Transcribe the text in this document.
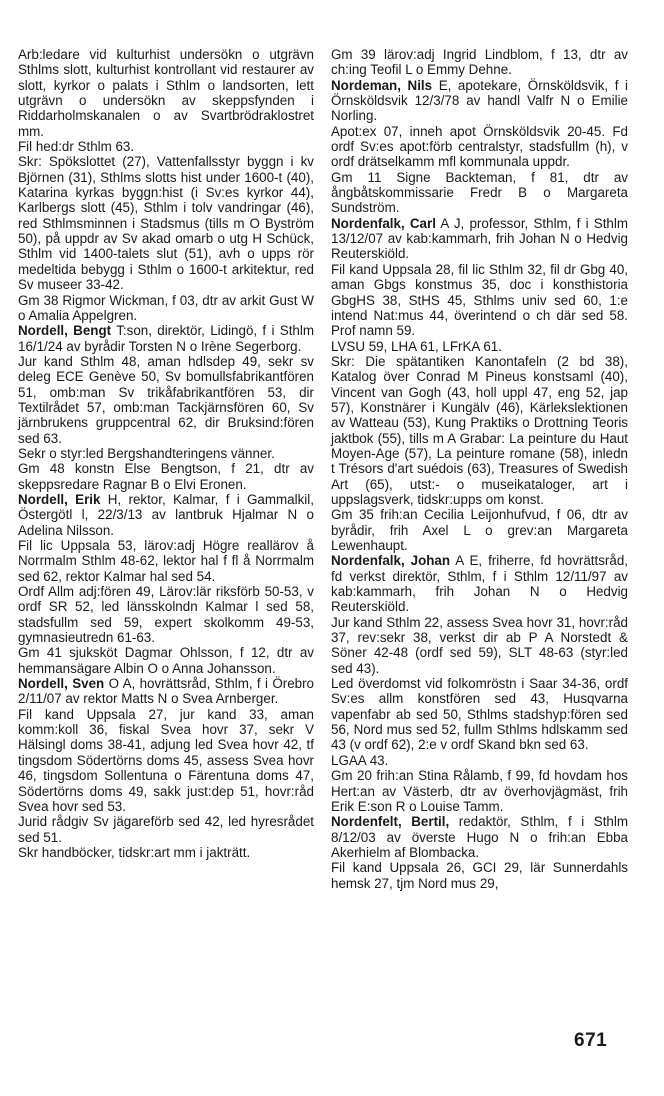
Arb:ledare vid kulturhist undersökn o utgrävn Sthlms slott, kulturhist kontrollant vid restaurer av slott, kyrkor o palats i Sthlm o landsorten, lett utgrävn o undersökn av skeppsfynden i Riddarholmskanalen o av Svartbrödraklostret mm.

Fil hed:dr Sthlm 63.

Skr: Spökslottet (27), Vattenfallsstyr byggn i kv Björnen (31), Sthlms slotts hist under 1600-t (40), Katarina kyrkas byggn:hist (i Sv:es kyrkor 44), Karlbergs slott (45), Sthlm i tolv vandringar (46), red Sthlmsminnen i Stadsmus (tills m O Byström 50), på uppdr av Sv akad omarb o utg H Schück, Sthlm vid 1400-talets slut (51), avh o upps rör medeltida bebygg i Sthlm o 1600-t arkitektur, red Sv museer 33-42.

Gm 38 Rigmor Wickman, f 03, dtr av arkit Gust W o Amalia Appelgren.

Nordell, Bengt T:son, direktör, Lidingö, f i Sthlm 16/1/24 av byrådir Torsten N o Irène Segerborg.

Jur kand Sthlm 48, aman hdlsdep 49, sekr sv deleg ECE Genève 50, Sv bomullsfabrikantfören 51, omb:man Sv trikåfabrikantfören 53, dir Textilrådet 57, omb:man Tackjärnsfören 60, Sv järnbrukens gruppcentral 62, dir Bruksind:fören sed 63.

Sekr o styr:led Bergshandteringens vänner.

Gm 48 konstn Else Bengtson, f 21, dtr av skeppsredare Ragnar B o Elvi Eronen.

Nordell, Erik H, rektor, Kalmar, f i Gammalkil, Östergötl l, 22/3/13 av lantbruk Hjalmar N o Adelina Nilsson.

Fil lic Uppsala 53, lärov:adj Högre reallärov å Norrmalm Sthlm 48-62, lektor hal f fl å Norrmalm sed 62, rektor Kalmar hal sed 54.

Ordf Allm adj:fören 49, Lärov:lär riksförb 50-53, v ordf SR 52, led länsskolndn Kalmar l sed 58, stadsfullm sed 59, expert skolkomm 49-53, gymnasieutredn 61-63.

Gm 41 sjuksköt Dagmar Ohlsson, f 12, dtr av hemmansägare Albin O o Anna Johansson.

Nordell, Sven O A, hovrättsråd, Sthlm, f i Örebro 2/11/07 av rektor Matts N o Svea Arnberger.

Fil kand Uppsala 27, jur kand 33, aman komm:koll 36, fiskal Svea hovr 37, sekr V Hälsingl doms 38-41, adjung led Svea hovr 42, tf tingsdom Södertörns doms 45, assess Svea hovr 46, tingsdom Sollentuna o Färentuna doms 47, Södertörns doms 49, sakk just:dep 51, hovr:råd Svea hovr sed 53.

Jurid rådgiv Sv jägareförb sed 42, led hyresrådet sed 51.

Skr handböcker, tidskr:art mm i jakträtt.

Gm 39 lärov:adj Ingrid Lindblom, f 13, dtr av ch:ing Teofil L o Emmy Dehne.

Nordeman, Nils E, apotekare, Örnsköldsvik, f i Örnsköldsvik 12/3/78 av handl Valfr N o Emilie Norling.

Apot:ex 07, inneh apot Örnsköldsvik 20-45. Fd ordf Sv:es apot:förb centralstyr, stadsfullm (h), v ordf drätselkamm mfl kommunala uppdr.

Gm 11 Signe Backteman, f 81, dtr av ångbåtskommissarie Fredr B o Margareta Sundström.

Nordenfalk, Carl A J, professor, Sthlm, f i Sthlm 13/12/07 av kab:kammarh, frih Johan N o Hedvig Reuterskiöld.

Fil kand Uppsala 28, fil lic Sthlm 32, fil dr Gbg 40, aman Gbgs konstmus 35, doc i konsthistoria GbgHS 38, StHS 45, Sthlms univ sed 60, 1:e intend Nat:mus 44, överintend o ch där sed 58. Prof namn 59.

LVSU 59, LHA 61, LFrKA 61.

Skr: Die spätantiken Kanontafeln (2 bd 38), Katalog över Conrad M Pineus konstsaml (40), Vincent van Gogh (43, holl uppl 47, eng 52, jap 57), Konstnärer i Kungälv (46), Kärlekslektionen av Watteau (53), Kung Praktiks o Drottning Teoris jaktbok (55), tills m A Grabar: La peinture du Haut Moyen-Age (57), La peinture romane (58), inledn t Trésors d'art suédois (63), Treasures of Swedish Art (65), utst:- o museikataloger, art i uppslagsverk, tidskr:upps om konst.

Gm 35 frih:an Cecilia Leijonhufvud, f 06, dtr av byrådir, frih Axel L o grev:an Margareta Lewenhaupt.

Nordenfalk, Johan A E, friherre, fd hovrättsråd, fd verkst direktör, Sthlm, f i Sthlm 12/11/97 av kab:kammarh, frih Johan N o Hedvig Reuterskiöld.

Jur kand Sthlm 22, assess Svea hovr 31, hovr:råd 37, rev:sekr 38, verkst dir ab P A Norstedt & Söner 42-48 (ordf sed 59), SLT 48-63 (styr:led sed 43).

Led överdomst vid folkomröstn i Saar 34-36, ordf Sv:es allm konstfören sed 43, Husqvarna vapenfabr ab sed 50, Sthlms stadshyp:fören sed 56, Nord mus sed 52, fullm Sthlms hdlskamm sed 43 (v ordf 62), 2:e v ordf Skand bkn sed 63.

LGAA 43.

Gm 20 frih:an Stina Rålamb, f 99, fd hovdam hos Hert:an av Västerb, dtr av överhovjägmäst, frih Erik E:son R o Louise Tamm.

Nordenfelt, Bertil, redaktör, Sthlm, f i Sthlm 8/12/03 av överste Hugo N o frih:an Ebba Akerhielm af Blombacka.

Fil kand Uppsala 26, GCI 29, lär Sunnerdahls hemsk 27, tjm Nord mus 29,

671
